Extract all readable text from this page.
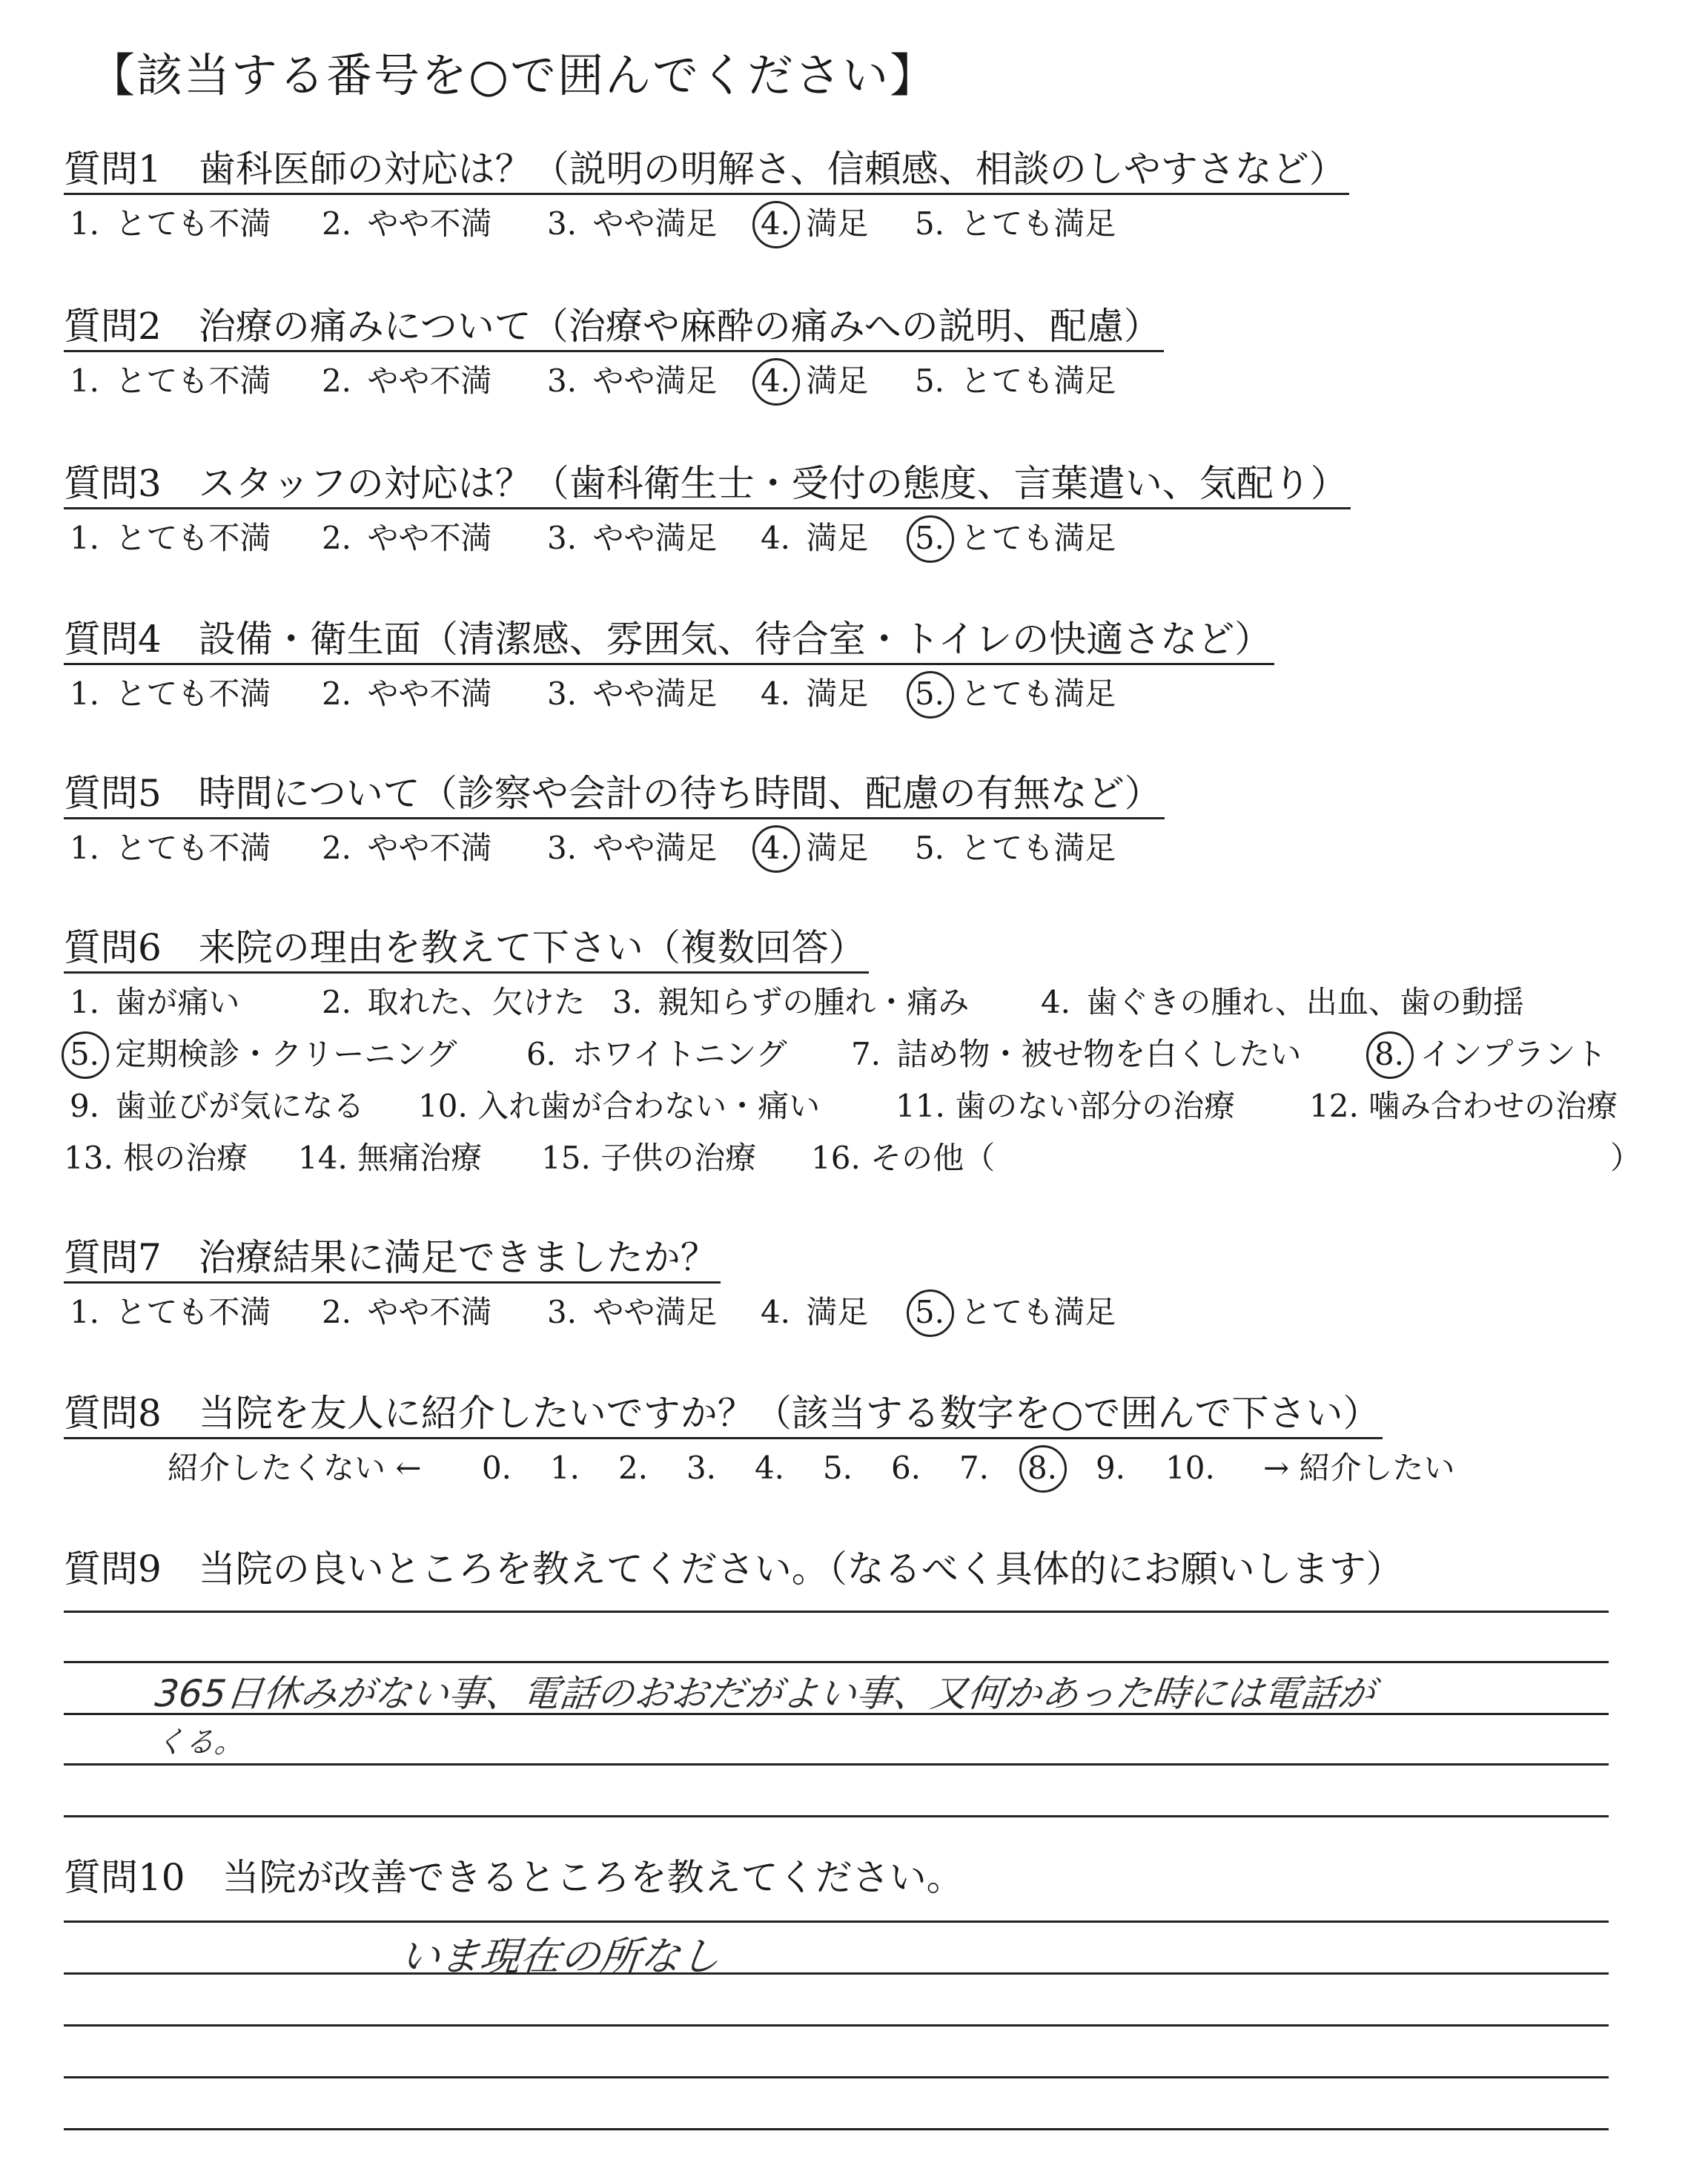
【該当する番号を○で囲んでください】
質問1　歯科医師の対応は？（説明の明解さ、信頼感、相談のしやすさなど）
1. とても不満 2. やや不満 3. やや満足 4. 満足 5. とても満足
質問2　治療の痛みについて（治療や麻酔の痛みへの説明、配慮）
1. とても不満 2. やや不満 3. やや満足 4. 満足 5. とても満足
質問3　スタッフの対応は？（歯科衛生士・受付の態度、言葉遣い、気配り）
1. とても不満 2. やや不満 3. やや満足 4. 満足 5. とても満足
質問4　設備・衛生面（清潔感、雰囲気、待合室・トイレの快適さなど）
1. とても不満 2. やや不満 3. やや満足 4. 満足 5. とても満足
質問5　時間について（診察や会計の待ち時間、配慮の有無など）
1. とても不満 2. やや不満 3. やや満足 4. 満足 5. とても満足
質問6　来院の理由を教えて下さい（複数回答）
1. 歯が痛い	2. 取れた、欠けた 3. 親知らずの腫れ・痛み 4. 歯ぐきの腫れ、出血、歯の動揺
5. 定期検診・クリーニング 6. ホワイトニング 7. 詰め物・被せ物を白くしたい 8. インプラント
9. 歯並びが気になる 10. 入れ歯が合わない・痛い 11. 歯のない部分の治療 12. 噛み合わせの治療
13. 根の治療 14. 無痛治療 15. 子供の治療 16. その他（	）
質問7　治療結果に満足できましたか？
1. とても不満 2. やや不満 3. やや満足 4. 満足 5. とても満足
質問8　当院を友人に紹介したいですか？（該当する数字を○で囲んで下さい）
紹介したくない ← 0. 1. 2. 3. 4. 5. 6. 7. 8. 9. 10. → 紹介したい
質問9　当院の良いところを教えてください。（なるべく具体的にお願いします）
365日休みがない事、電話のおおだがよい事、又何かあった時には電話が
くる。
質問10　当院が改善できるところを教えてください。
いま現在の所なし
